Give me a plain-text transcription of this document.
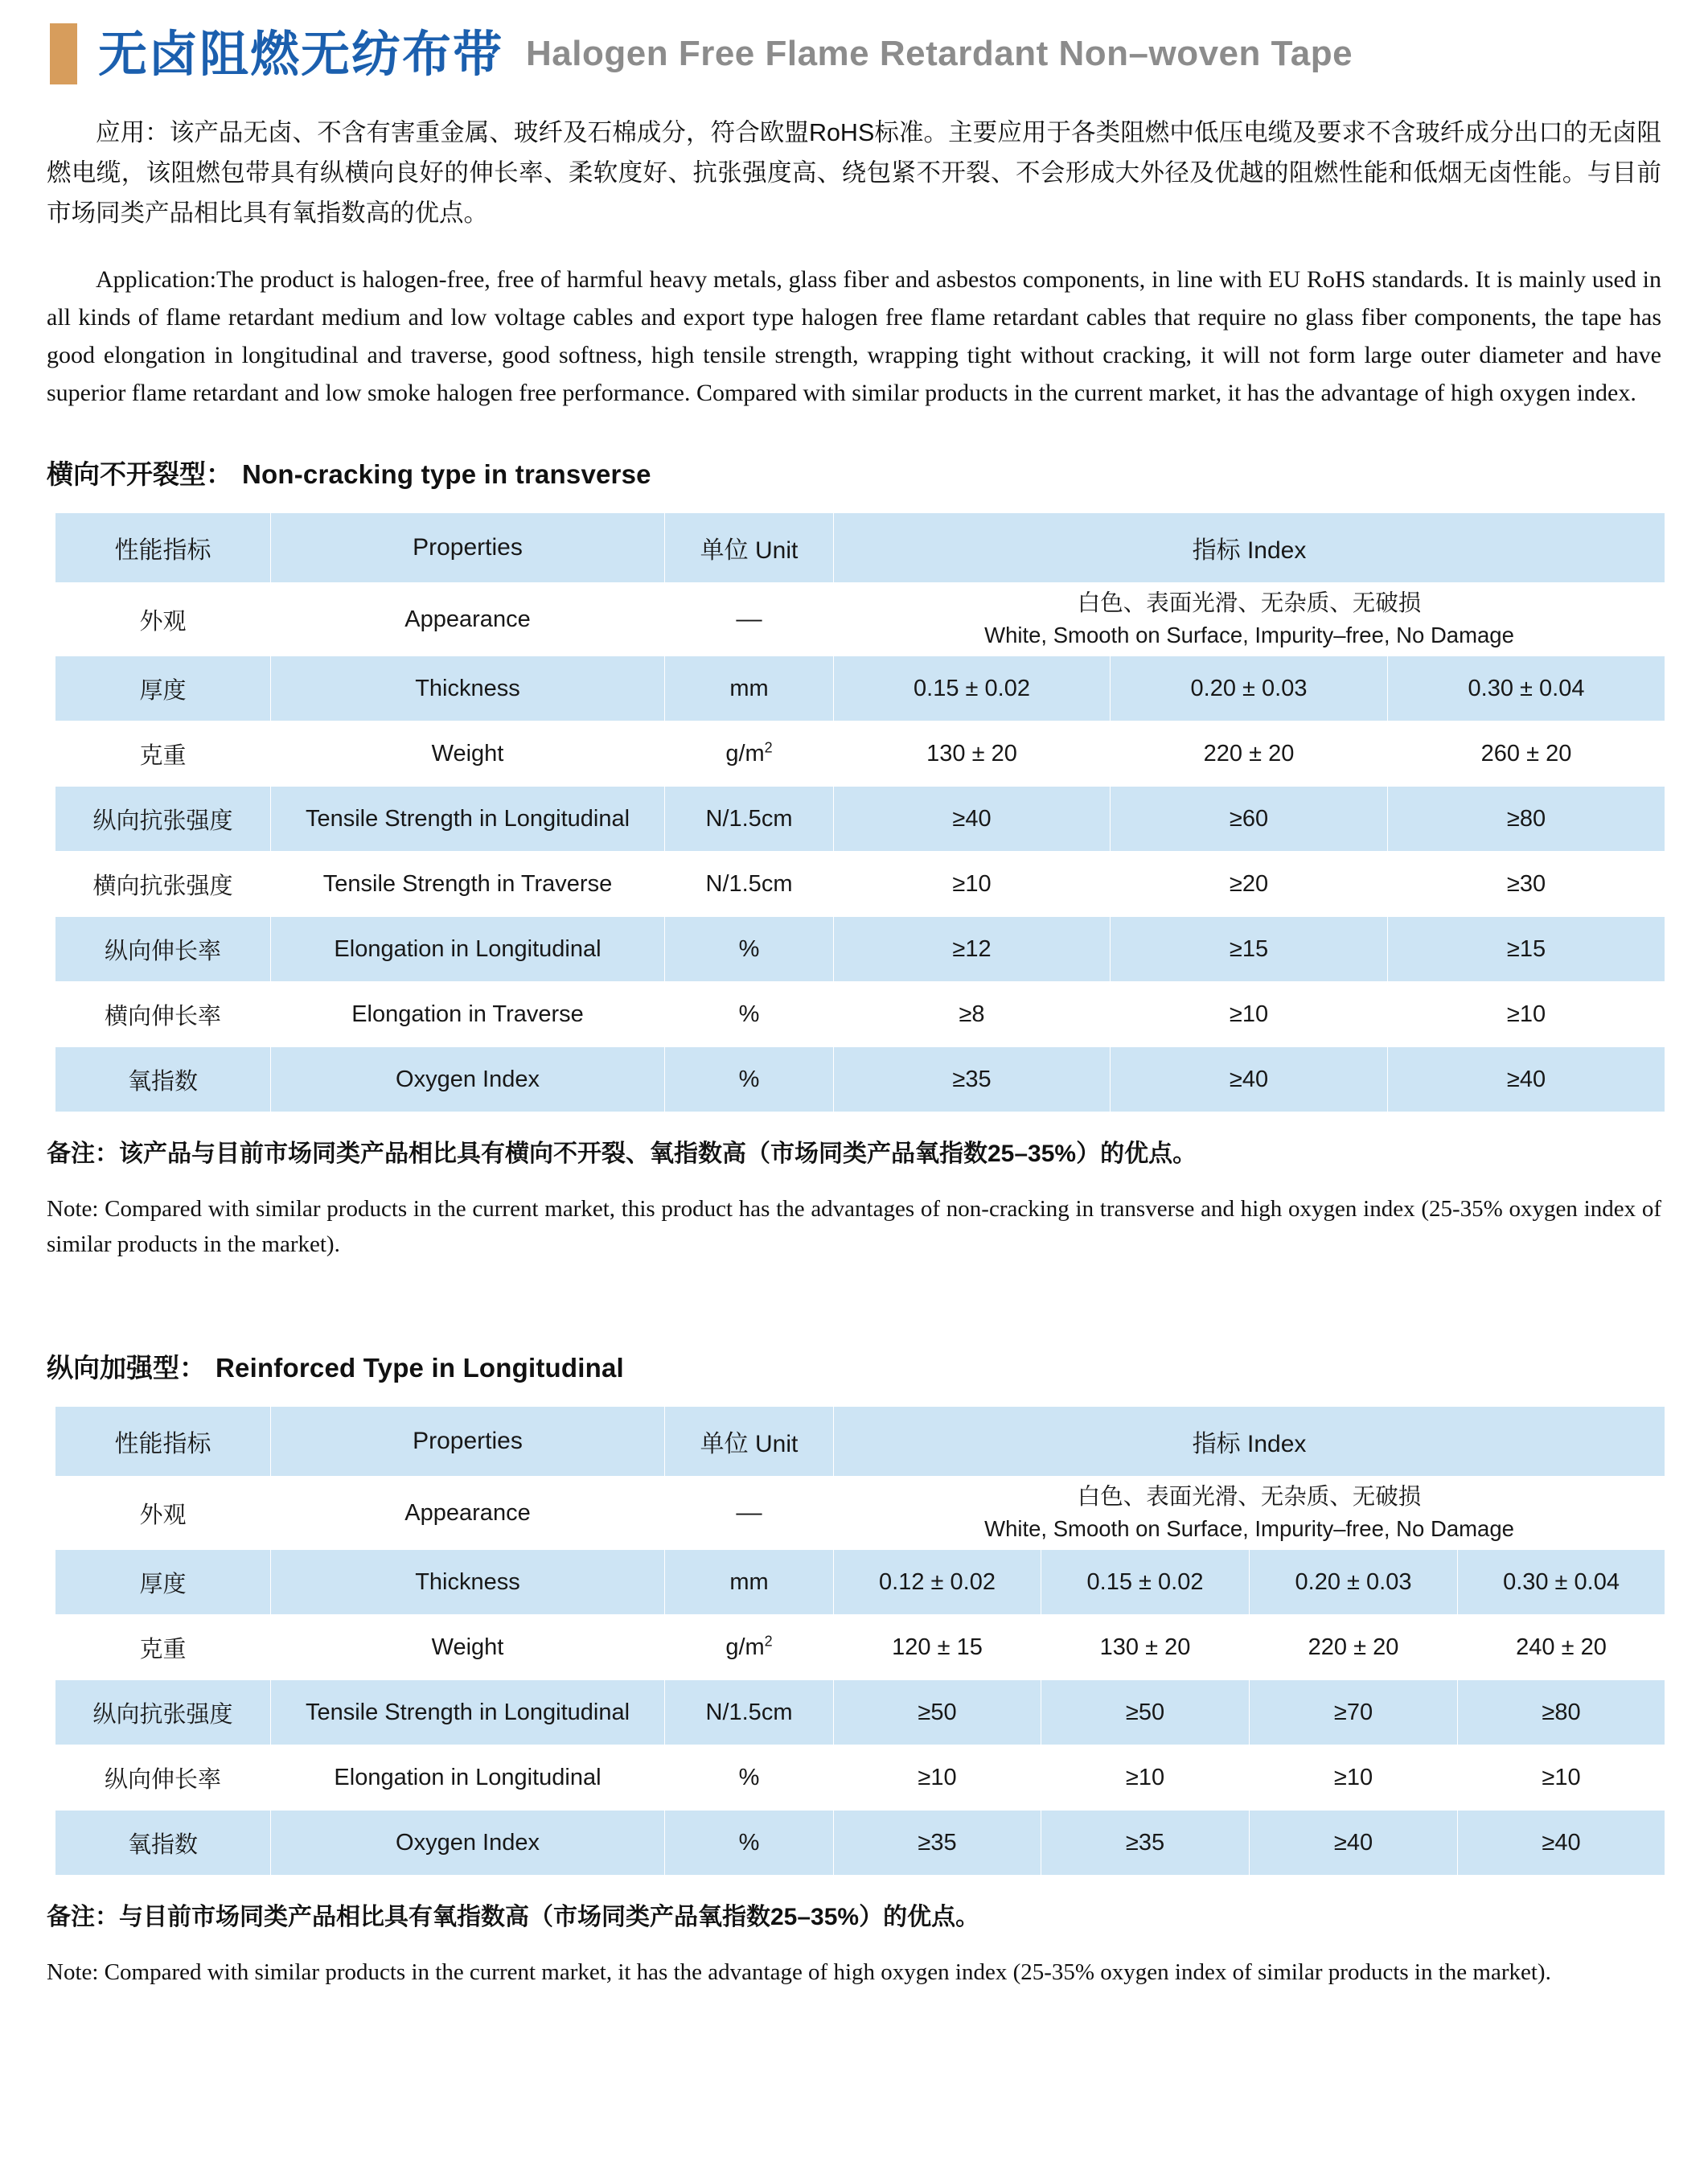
无卤阻燃无纺布带 Halogen Free Flame Retardant Non–woven Tape
应用：该产品无卤、不含有害重金属、玻纤及石棉成分，符合欧盟RoHS标准。主要应用于各类阻燃中低压电缆及要求不含玻纤成分出口的无卤阻燃电缆，该阻燃包带具有纵横向良好的伸长率、柔软度好、抗张强度高、绕包紧不开裂、不会形成大外径及优越的阻燃性能和低烟无卤性能。与目前市场同类产品相比具有氧指数高的优点。
Application:The product is halogen-free, free of harmful heavy metals, glass fiber and asbestos components, in line with EU RoHS standards. It is mainly used in all kinds of flame retardant medium and low voltage cables and export type halogen free flame retardant cables that require no glass fiber components, the tape has good elongation in longitudinal and traverse, good softness, high tensile strength, wrapping tight without cracking, it will not form large outer diameter and have superior flame retardant and low smoke halogen free performance. Compared with similar products in the current market, it has the advantage of high oxygen index.
横向不开裂型： Non-cracking type in transverse
性能指标	Properties	单位 Unit	指标 Index		
外观	Appearance	––	白色、表面光滑、无杂质、无破损
White, Smooth on Surface, Impurity–free, No Damage		

厚度	Thickness	mm	0.15 ± 0.02	0.20 ± 0.03	0.30 ± 0.04
克重	Weight	$g/m^2$	130 ± 20	220 ± 20	260 ± 20
纵向抗张强度	Tensile Strength in Longitudinal	N/1.5cm	≥40	≥60	≥80
横向抗张强度	Tensile Strength in Traverse	N/1.5cm	≥10	≥20	≥30
纵向伸长率	Elongation in Longitudinal	%	≥12	≥15	≥15
横向伸长率	Elongation in Traverse	%	≥8	≥10	≥10
氧指数	Oxygen Index	%	≥35	≥40	≥40
备注：该产品与目前市场同类产品相比具有横向不开裂、氧指数高（市场同类产品氧指数25–35%）的优点。
Note: Compared with similar products in the current market, this product has the advantages of non-cracking in transverse and high oxygen index (25-35% oxygen index of similar products in the market).
纵向加强型： Reinforced Type in Longitudinal
性能指标	Properties	单位 Unit	指标 Index			
外观	Appearance	––	白色、表面光滑、无杂质、无破损
White, Smooth on Surface, Impurity–free, No Damage			

厚度	Thickness	mm	0.12 ± 0.02	0.15 ± 0.02	0.20 ± 0.03	0.30 ± 0.04
克重	Weight	$g/m^2$	120 ± 15	130 ± 20	220 ± 20	240 ± 20
纵向抗张强度	Tensile Strength in Longitudinal	N/1.5cm	≥50	≥50	≥70	≥80
纵向伸长率	Elongation in Longitudinal	%	≥10	≥10	≥10	≥10
氧指数	Oxygen Index	%	≥35	≥35	≥40	≥40
备注：与目前市场同类产品相比具有氧指数高（市场同类产品氧指数25–35%）的优点。
Note: Compared with similar products in the current market, it has the advantage of high oxygen index (25-35% oxygen index of similar products in the market).
